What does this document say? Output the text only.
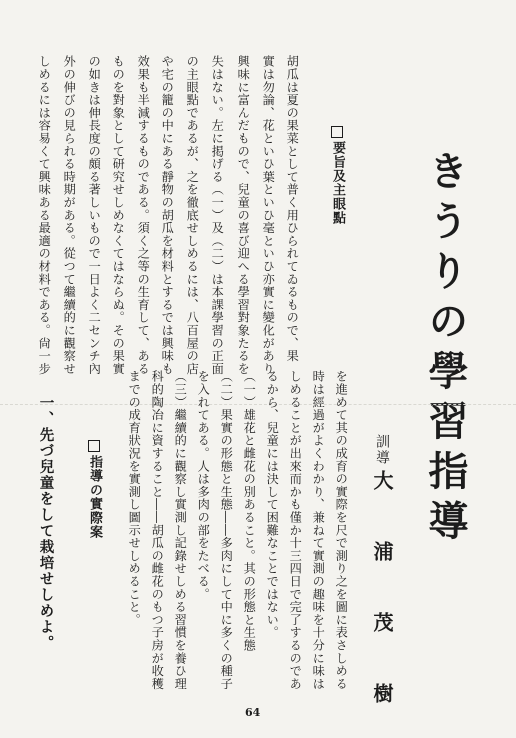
きうりの學習指導
訓導
大 浦 茂 樹
要旨及主眼點
胡瓜は夏の果菜として普く用ひられてゐるもので、果
實は勿論、花といひ葉といひ毫といひ亦實に變化があり
興味に富んだもので、兒童の喜び迎へる學習對象たるを
失はない。左に掲げる（一）及（二）は本課學習の正面
の主眼點であるが、之を徹底せしめるには、八百屋の店
や宅の籠の中にある靜物の胡瓜を材料とするでは興味も
效果も半減するものである。須く之等の生育して、ある
ものを對象として研究せしめなくてはならぬ。その果實
の如きは伸長度の頗る著しいもので一日よく二センチ內
外の伸びの見られる時期がある。從つて繼續的に觀察せ
しめるには容易くて興味ある最適の材料である。尙一步
を進めて其の成育の實際を尺で測り之を圖に表さしめる
時は經過がよくわかり、兼ねて實測の趣味を十分に味は
しめることが出來而かも僅か十三四日で完了するのであ
るから、兒童には決して困難なことではない。
（一）雄花と雌花の別あること。其の形態と生態
（二）果實の形態と生態――多肉にして中に多くの種子
を入れてある。人は多肉の部をたべる。
（三）繼續的に觀察し實測し記錄せしめる習慣を養ひ理
科的陶冶に資すること――胡瓜の雌花のもつ子房が收穫
までの成育狀況を實測し圖示せしめること。
指導の實際案
一、先づ兒童をして栽培せしめよ。
64
